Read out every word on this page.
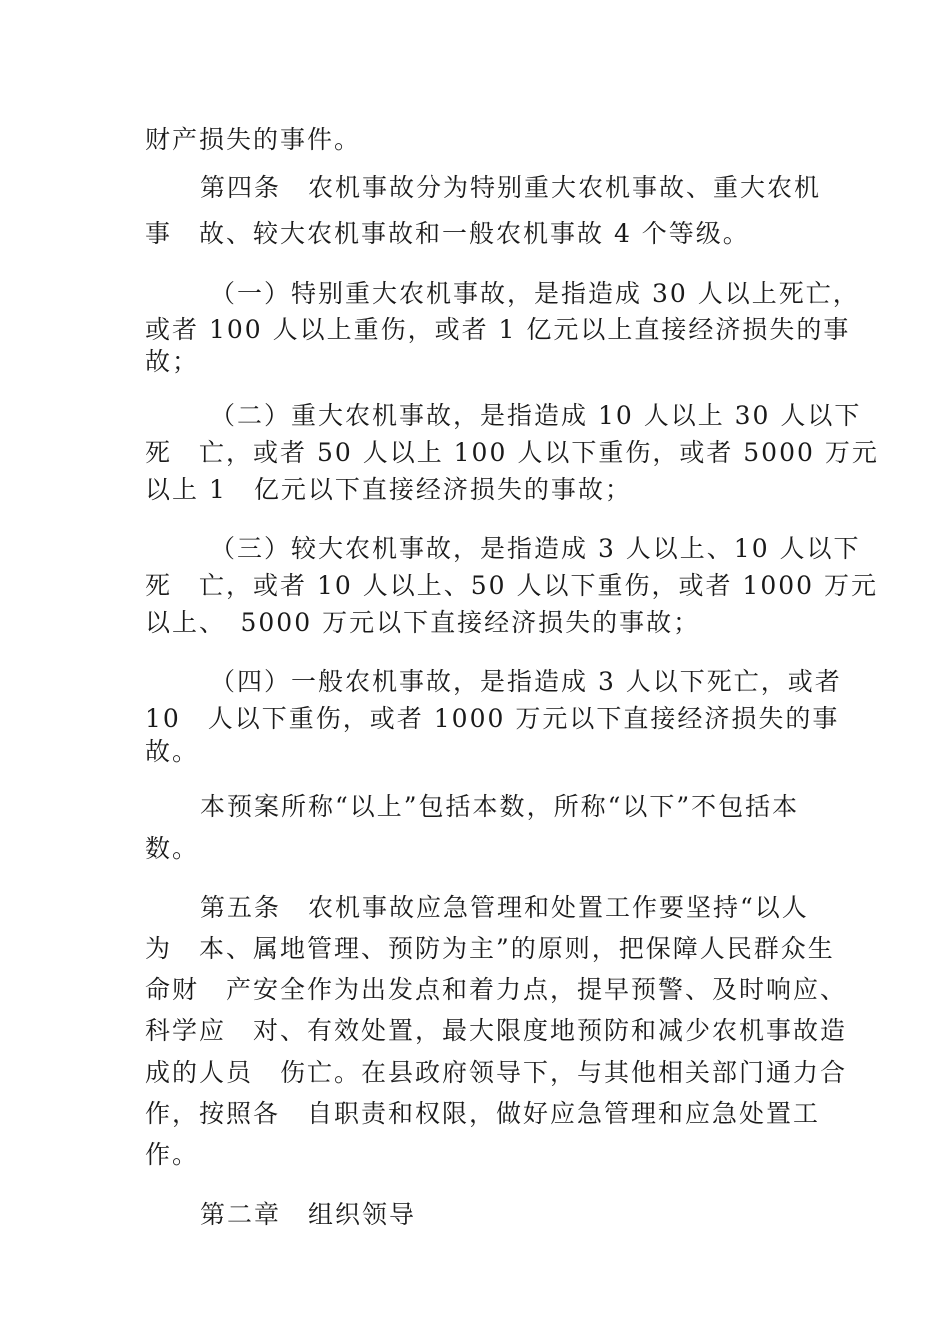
财产损失的事件。
第四条　农机事故分为特别重大农机事故、重大农机
事　故、较大农机事故和一般农机事故 4 个等级。
（一）特别重大农机事故，是指造成 30 人以上死亡，
或者 100 人以上重伤，或者 1 亿元以上直接经济损失的事
故；
（二）重大农机事故，是指造成 10 人以上 30 人以下
死　亡，或者 50 人以上 100 人以下重伤，或者 5000 万元
以上 1　亿元以下直接经济损失的事故；
（三）较大农机事故，是指造成 3 人以上、10 人以下
死　亡，或者 10 人以上、50 人以下重伤，或者 1000 万元
以上、　5000 万元以下直接经济损失的事故；
（四）一般农机事故，是指造成 3 人以下死亡，或者
10　人以下重伤，或者 1000 万元以下直接经济损失的事
故。
本预案所称“以上”包括本数，所称“以下”不包括本
数。
第五条　农机事故应急管理和处置工作要坚持“以人
为　本、属地管理、预防为主”的原则，把保障人民群众生
命财　产安全作为出发点和着力点，提早预警、及时响应、
科学应　对、有效处置，最大限度地预防和减少农机事故造
成的人员　伤亡。在县政府领导下，与其他相关部门通力合
作，按照各　自职责和权限，做好应急管理和应急处置工
作。
第二章　组织领导
